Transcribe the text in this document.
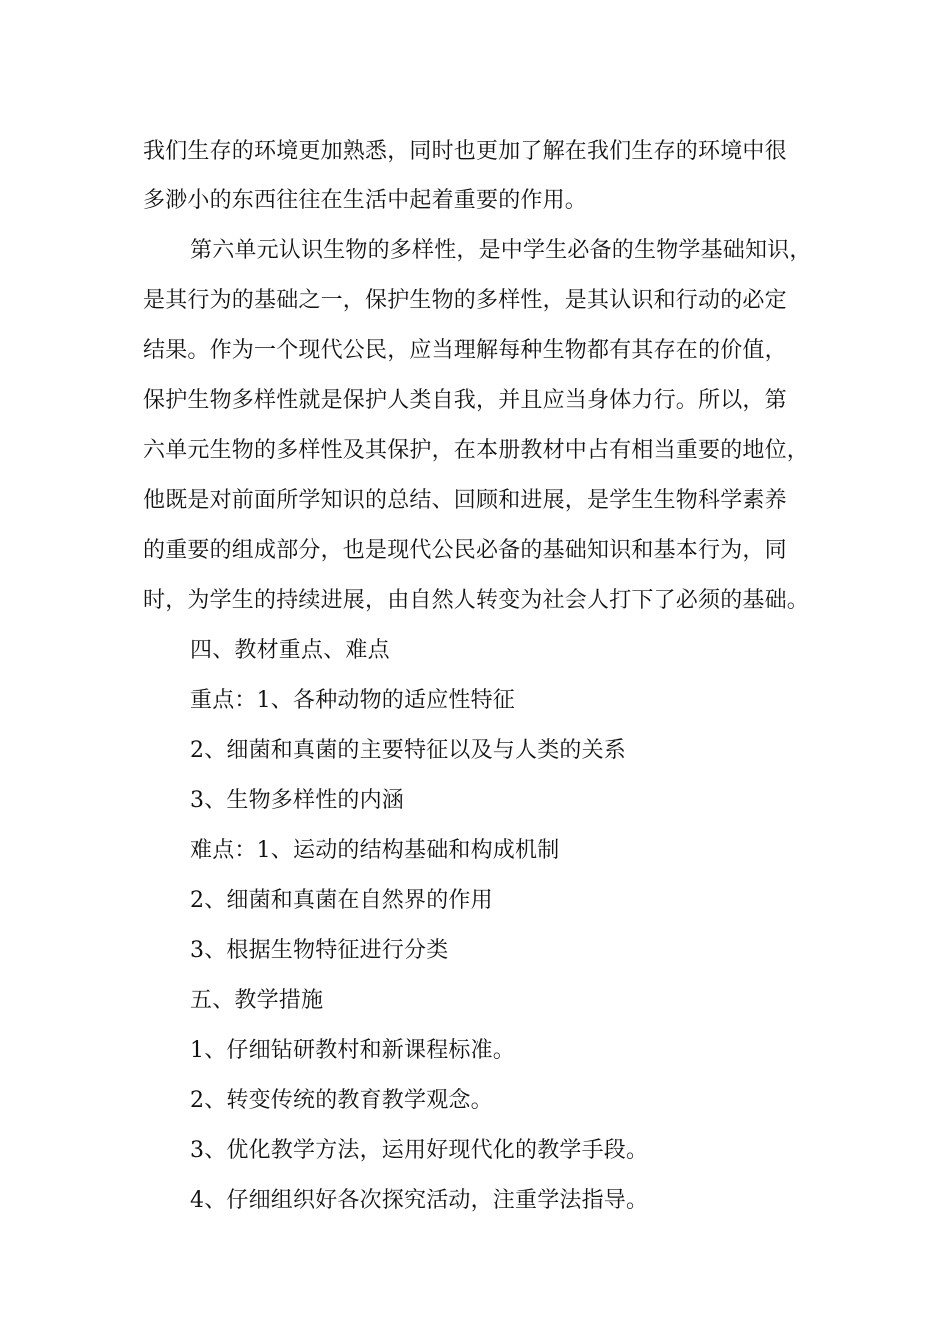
我们生存的环境更加熟悉，同时也更加了解在我们生存的环境中很
多渺小的东西往往在生活中起着重要的作用。
第六单元认识生物的多样性，是中学生必备的生物学基础知识，
是其行为的基础之一，保护生物的多样性，是其认识和行动的必定
结果。作为一个现代公民，应当理解每种生物都有其存在的价值，
保护生物多样性就是保护人类自我，并且应当身体力行。所以，第
六单元生物的多样性及其保护，在本册教材中占有相当重要的地位，
他既是对前面所学知识的总结、回顾和进展，是学生生物科学素养
的重要的组成部分，也是现代公民必备的基础知识和基本行为，同
时，为学生的持续进展，由自然人转变为社会人打下了必须的基础。
四、教材重点、难点
重点：1、各种动物的适应性特征
2、细菌和真菌的主要特征以及与人类的关系
3、生物多样性的内涵
难点：1、运动的结构基础和构成机制
2、细菌和真菌在自然界的作用
3、根据生物特征进行分类
五、教学措施
1、仔细钻研教村和新课程标准。
2、转变传统的教育教学观念。
3、优化教学方法，运用好现代化的教学手段。
4、仔细组织好各次探究活动，注重学法指导。
